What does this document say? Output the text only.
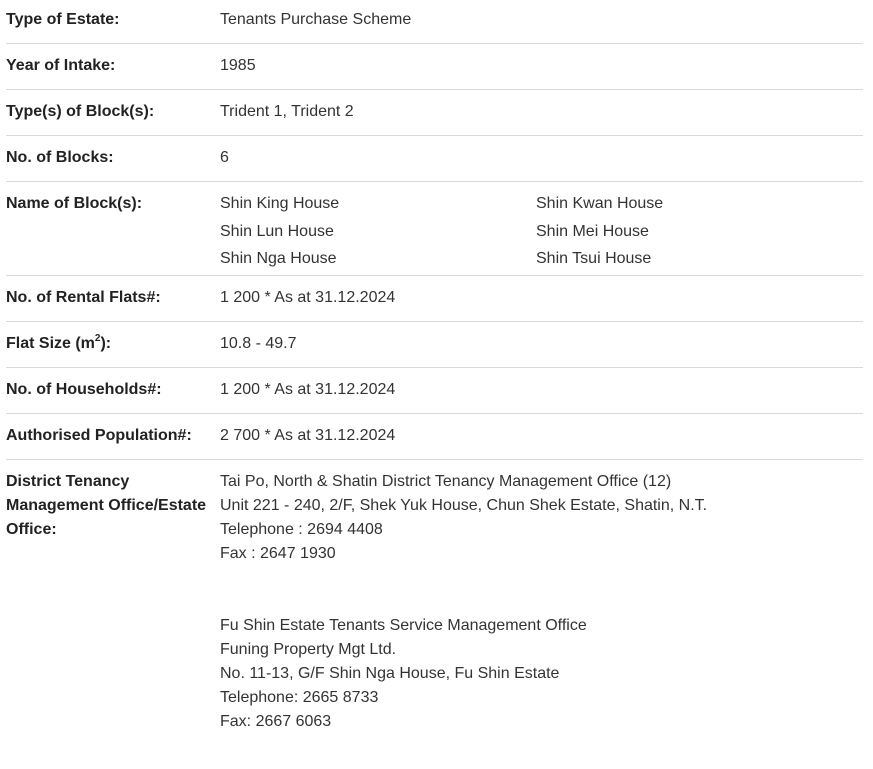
Type of Estate:	Tenants Purchase Scheme
Year of Intake:	1985
Type(s) of Block(s):	Trident 1, Trident 2
No. of Blocks:	6
Name of Block(s):	Shin King House	Shin Kwan House
Shin Lun House	Shin Mei House
Shin Nga House	Shin Tsui House
No. of Rental Flats#:	1 200 * As at 31.12.2024
Flat Size $(m^2)$:	10.8 - 49.7
No. of Households#:	1 200 * As at 31.12.2024
Authorised Population#:	2 700 * As at 31.12.2024
District Tenancy Management Office/Estate Office:
Tai Po, North & Shatin District Tenancy Management Office (12)
Unit 221 - 240, 2/F, Shek Yuk House, Chun Shek Estate, Shatin, N.T.
Telephone : 2694 4408
Fax : 2647 1930
Fu Shin Estate Tenants Service Management Office
Funing Property Mgt Ltd.
No. 11-13, G/F Shin Nga House, Fu Shin Estate
Telephone: 2665 8733
Fax: 2667 6063
